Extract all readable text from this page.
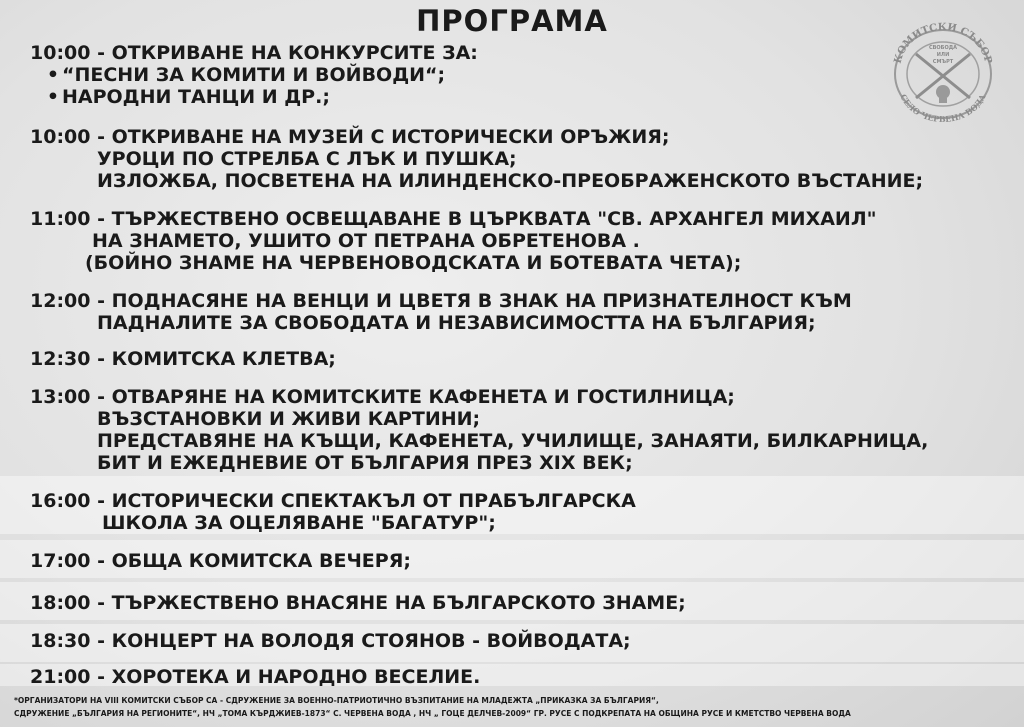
ПРОГРАМА
КОМИТСКИ СЪБОР
СЕЛО ЧЕРВЕНА ВОДА
СВОБОДА
ИЛИ
СМЪРТ
10:00 - ОТКРИВАНЕ НА КОНКУРСИТЕ ЗА:
• “ПЕСНИ ЗА КОМИТИ И ВОЙВОДИ“;
• НАРОДНИ ТАНЦИ И ДР.;
10:00 - ОТКРИВАНЕ НА МУЗЕЙ С ИСТОРИЧЕСКИ ОРЪЖИЯ;
УРОЦИ ПО СТРЕЛБА С ЛЪК И ПУШКА;
ИЗЛОЖБА, ПОСВЕТЕНА НА ИЛИНДЕНСКО-ПРЕОБРАЖЕНСКОТО ВЪСТАНИЕ;
11:00 - ТЪРЖЕСТВЕНО ОСВЕЩАВАНЕ В ЦЪРКВАТА "СВ. АРХАНГЕЛ МИХАИЛ"
НА ЗНАМЕТО, УШИТО ОТ ПЕТРАНА ОБРЕТЕНОВА .
(БОЙНО ЗНАМЕ НА ЧЕРВЕНОВОДСКАТА И БОТЕВАТА ЧЕТА);
12:00 - ПОДНАСЯНЕ НА ВЕНЦИ И ЦВЕТЯ В ЗНАК НА ПРИЗНАТЕЛНОСТ КЪМ
ПАДНАЛИТЕ ЗА СВОБОДАТА И НЕЗАВИСИМОСТТА НА БЪЛГАРИЯ;
12:30 - КОМИТСКА КЛЕТВА;
13:00 - ОТВАРЯНЕ НА КОМИТСКИТЕ КАФЕНЕТА И ГОСТИЛНИЦА;
ВЪЗСТАНОВКИ И ЖИВИ КАРТИНИ;
ПРЕДСТАВЯНЕ НА КЪЩИ, КАФЕНЕТА, УЧИЛИЩЕ, ЗАНАЯТИ, БИЛКАРНИЦА,
БИТ И ЕЖЕДНЕВИЕ ОТ БЪЛГАРИЯ ПРЕЗ XIX ВЕК;
16:00 - ИСТОРИЧЕСКИ СПЕКТАКЪЛ ОТ ПРАБЪЛГАРСКА
ШКОЛА ЗА ОЦЕЛЯВАНЕ "БАГАТУР";
17:00 - ОБЩА КОМИТСКА ВЕЧЕРЯ;
18:00 - ТЪРЖЕСТВЕНО ВНАСЯНЕ НА БЪЛГАРСКОТО ЗНАМЕ;
18:30 - КОНЦЕРТ НА ВОЛОДЯ СТОЯНОВ - ВОЙВОДАТА;
21:00 - ХОРОТЕКА И НАРОДНО ВЕСЕЛИЕ.
*ОРГАНИЗАТОРИ НА VIII КОМИТСКИ СЪБОР СА - СДРУЖЕНИЕ ЗА ВОЕННО-ПАТРИОТИЧНО ВЪЗПИТАНИЕ НА МЛАДЕЖТА „ПРИКАЗКА ЗА БЪЛГАРИЯ“,
СДРУЖЕНИЕ „БЪЛГАРИЯ НА РЕГИОНИТЕ“, НЧ „ТОМА КЪРДЖИЕВ-1873“ С. ЧЕРВЕНА ВОДА , НЧ „ ГОЦЕ ДЕЛЧЕВ-2009“ ГР. РУСЕ С ПОДКРЕПАТА НА ОБЩИНА РУСЕ И КМЕТСТВО ЧЕРВЕНА ВОДА
